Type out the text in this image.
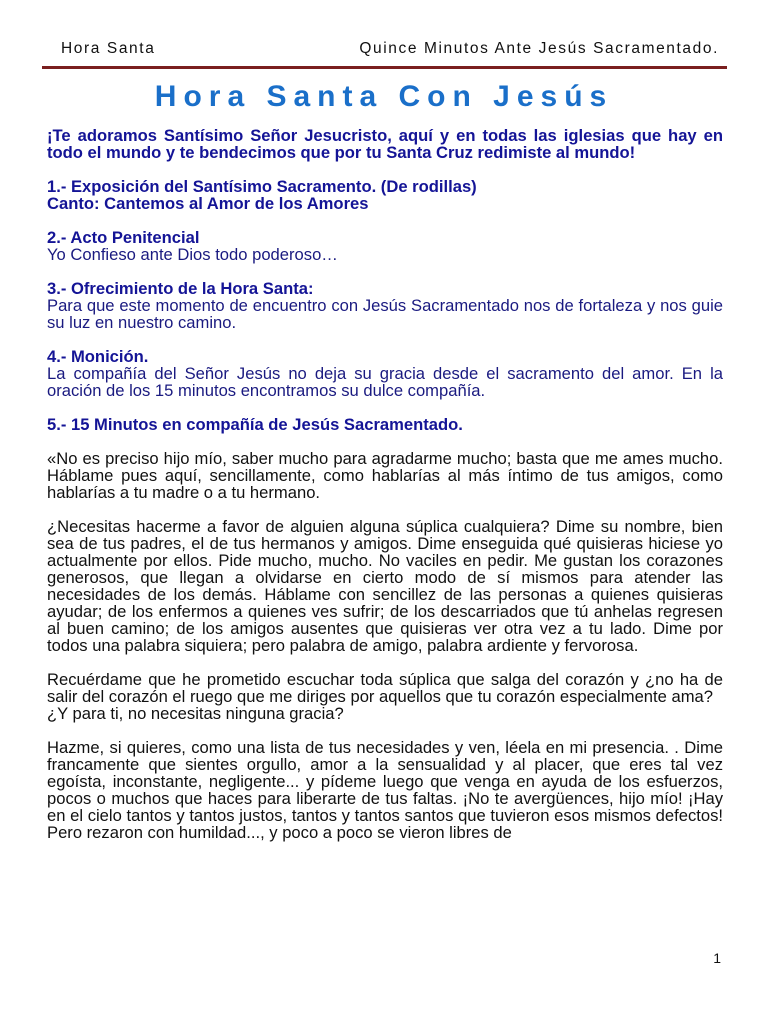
Hora Santa	Quince Minutos Ante Jesús Sacramentado.
Hora Santa Con Jesús

¡Te adoramos Santísimo Señor Jesucristo, aquí y en todas las iglesias que hay en todo el mundo y te bendecimos que por tu Santa Cruz redimiste al mundo!

1.- Exposición del Santísimo Sacramento. (De rodillas)
Canto: Cantemos al Amor de los Amores

2.- Acto Penitencial
Yo Confieso ante Dios todo poderoso…

3.- Ofrecimiento de la Hora Santa:
Para que este momento de encuentro con Jesús Sacramentado nos de fortaleza y nos guie su luz en nuestro camino.

4.- Monición.
La compañía del Señor Jesús no deja su gracia desde el sacramento del amor. En la oración de los 15 minutos encontramos su dulce compañía.

5.- 15 Minutos en compañía de Jesús Sacramentado.

«No es preciso hijo mío, saber mucho para agradarme mucho; basta que me ames mucho. Háblame pues aquí, sencillamente, como hablarías al más íntimo de tus amigos, como hablarías a tu madre o a tu hermano.

¿Necesitas hacerme a favor de alguien alguna súplica cualquiera? Dime su nombre, bien sea de tus padres, el de tus hermanos y amigos. Dime enseguida qué quisieras hiciese yo actualmente por ellos. Pide mucho, mucho. No vaciles en pedir. Me gustan los corazones generosos, que llegan a olvidarse en cierto modo de sí mismos para atender las necesidades de los demás. Háblame con sencillez de las personas a quienes quisieras ayudar; de los enfermos a quienes ves sufrir; de los descarriados que tú anhelas regresen al buen camino; de los amigos ausentes que quisieras ver otra vez a tu lado. Dime por todos una palabra siquiera; pero palabra de amigo, palabra ardiente y fervorosa.

Recuérdame que he prometido escuchar toda súplica que salga del corazón y ¿no ha de salir del corazón el ruego que me diriges por aquellos que tu corazón especialmente ama?

¿Y para ti, no necesitas ninguna gracia?

Hazme, si quieres, como una lista de tus necesidades y ven, léela en mi presencia. . Dime francamente que sientes orgullo, amor a la sensualidad y al placer, que eres tal vez egoísta, inconstante, negligente... y pídeme luego que venga en ayuda de los esfuerzos, pocos o muchos que haces para liberarte de tus faltas. ¡No te avergüences, hijo mío! ¡Hay en el cielo tantos y tantos justos, tantos y tantos santos que tuvieron esos mismos defectos! Pero rezaron con humildad..., y poco a poco se vieron libres de

1
